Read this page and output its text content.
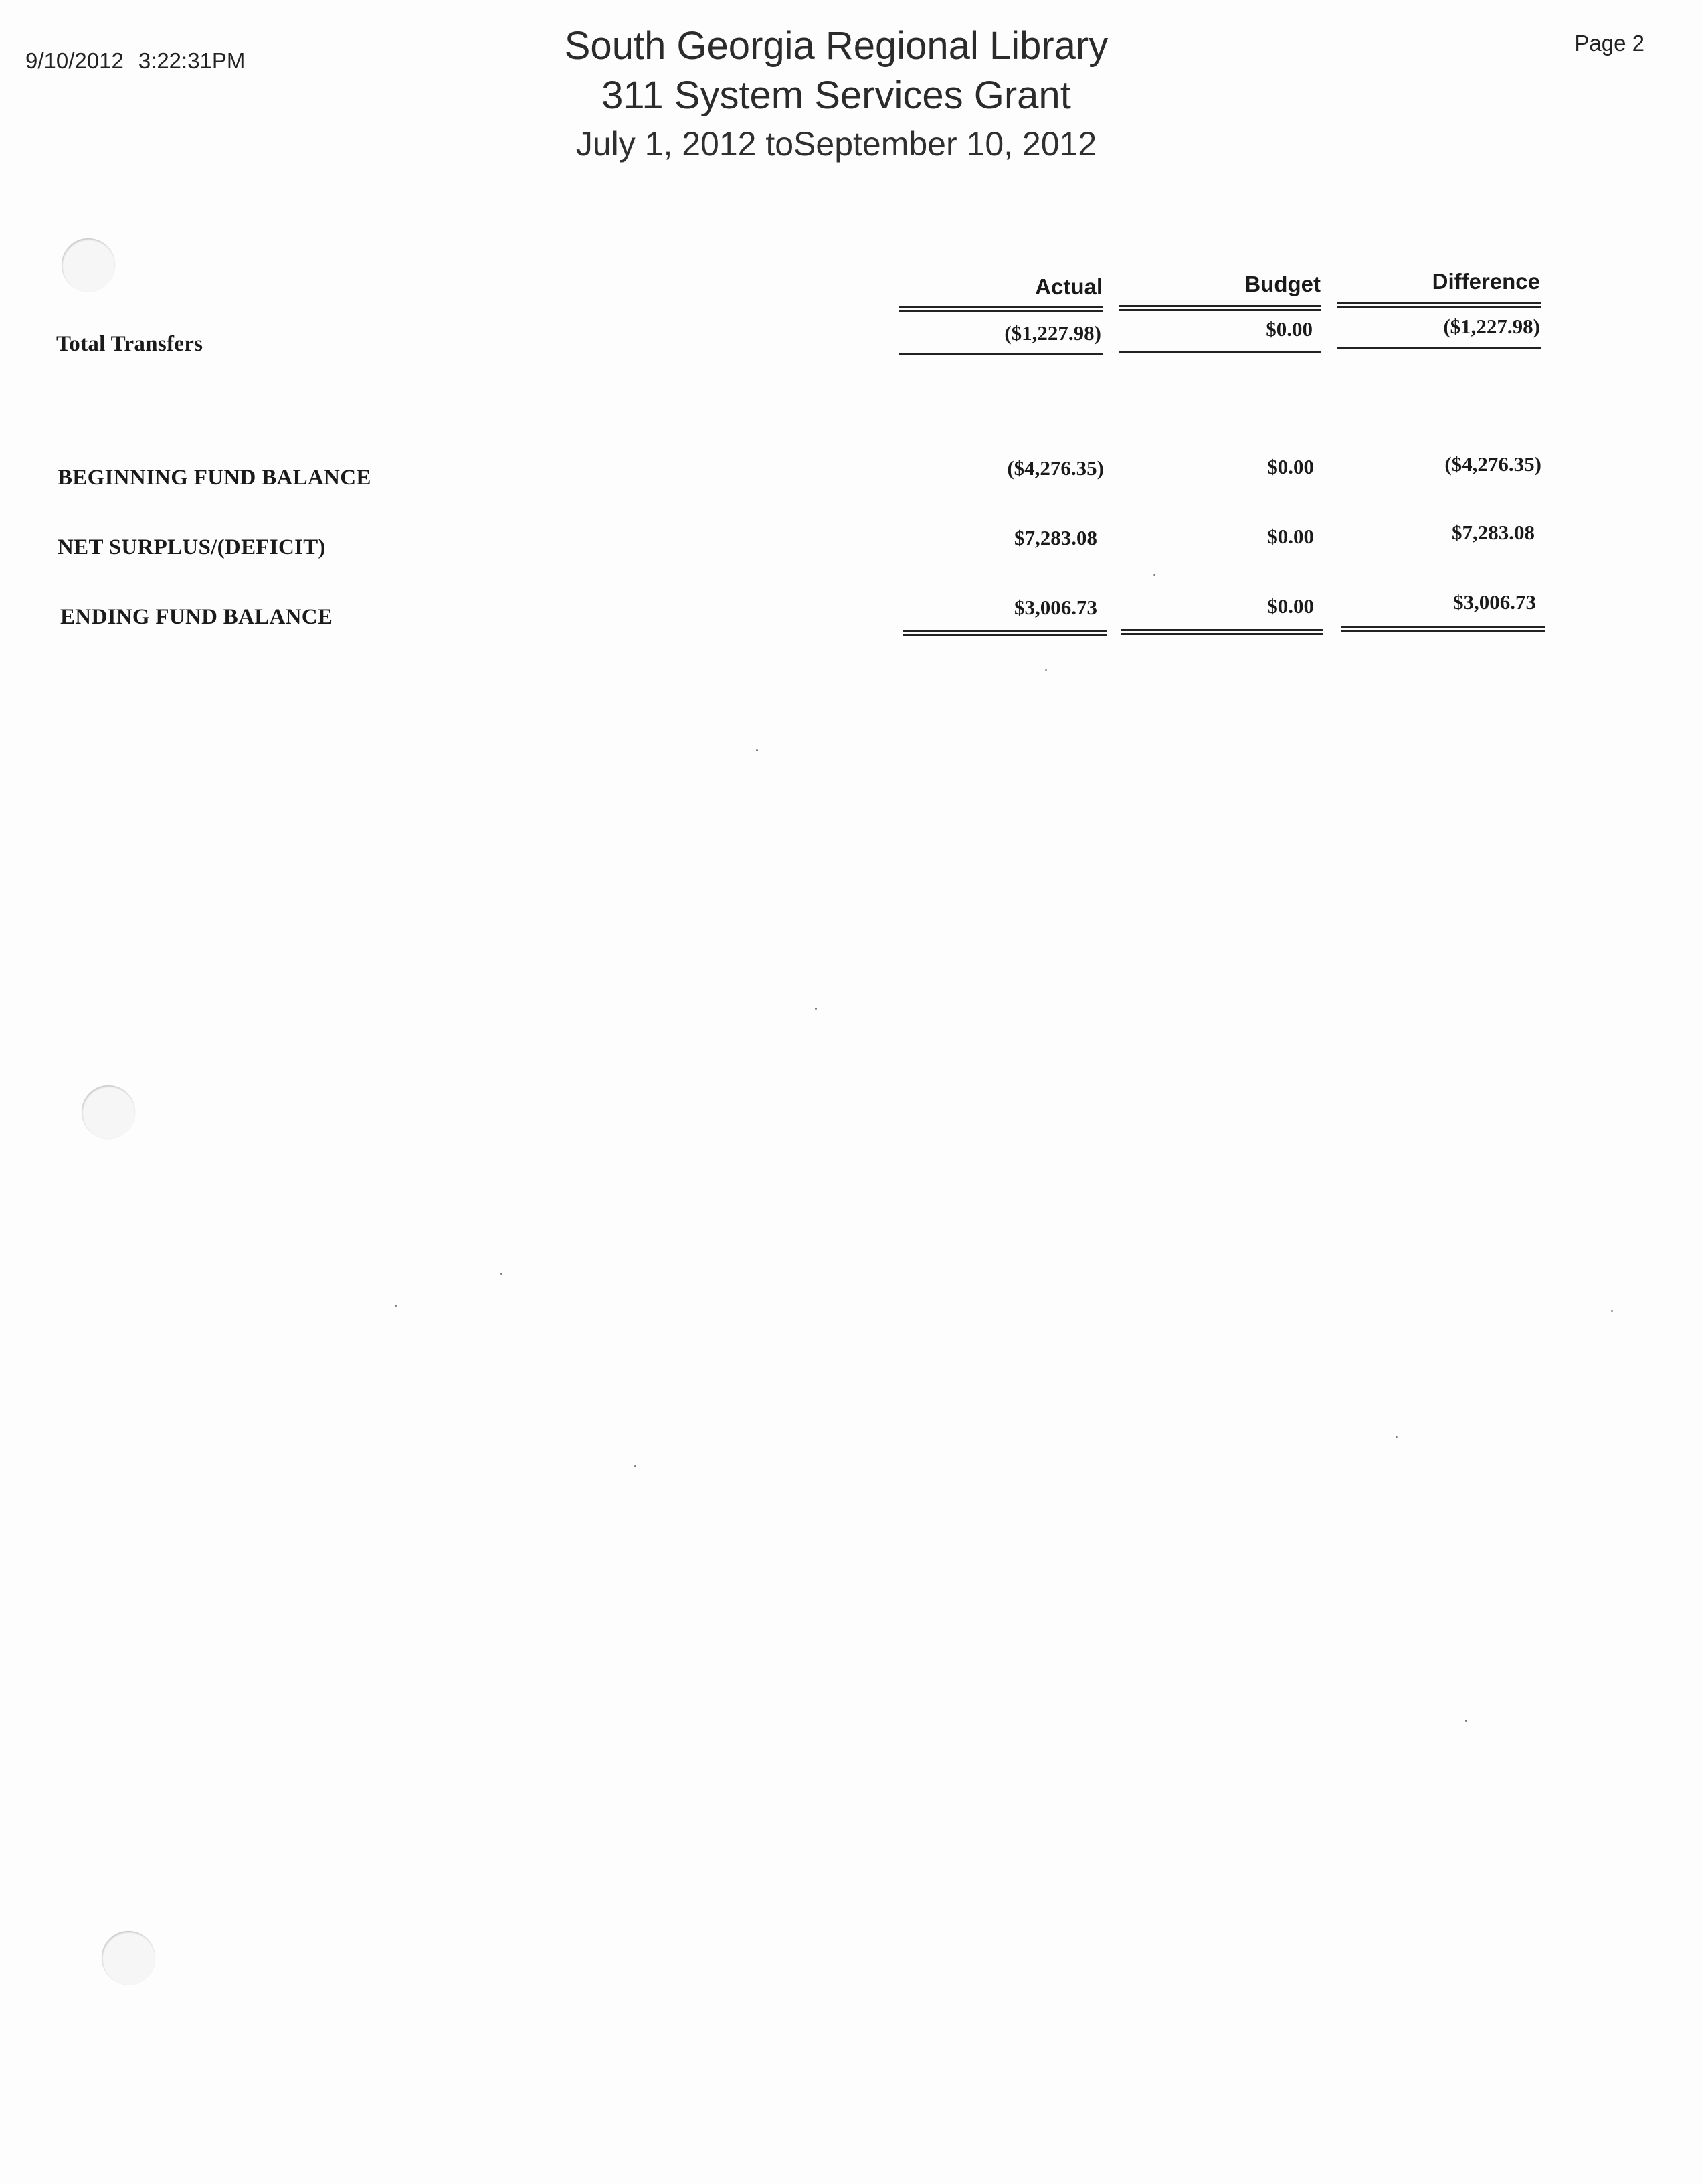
9/10/2012 3:22:31PM
Page 2
South Georgia Regional Library
311 System Services Grant
July 1, 2012 toSeptember 10, 2012
Actual	Budget	Difference
Total Transfers	($1,227.98)	$0.00	($1,227.98)
BEGINNING FUND BALANCE	($4,276.35)	$0.00	($4,276.35)
NET SURPLUS/(DEFICIT)	$7,283.08	$0.00	$7,283.08
ENDING FUND BALANCE	$3,006.73	$0.00	$3,006.73
